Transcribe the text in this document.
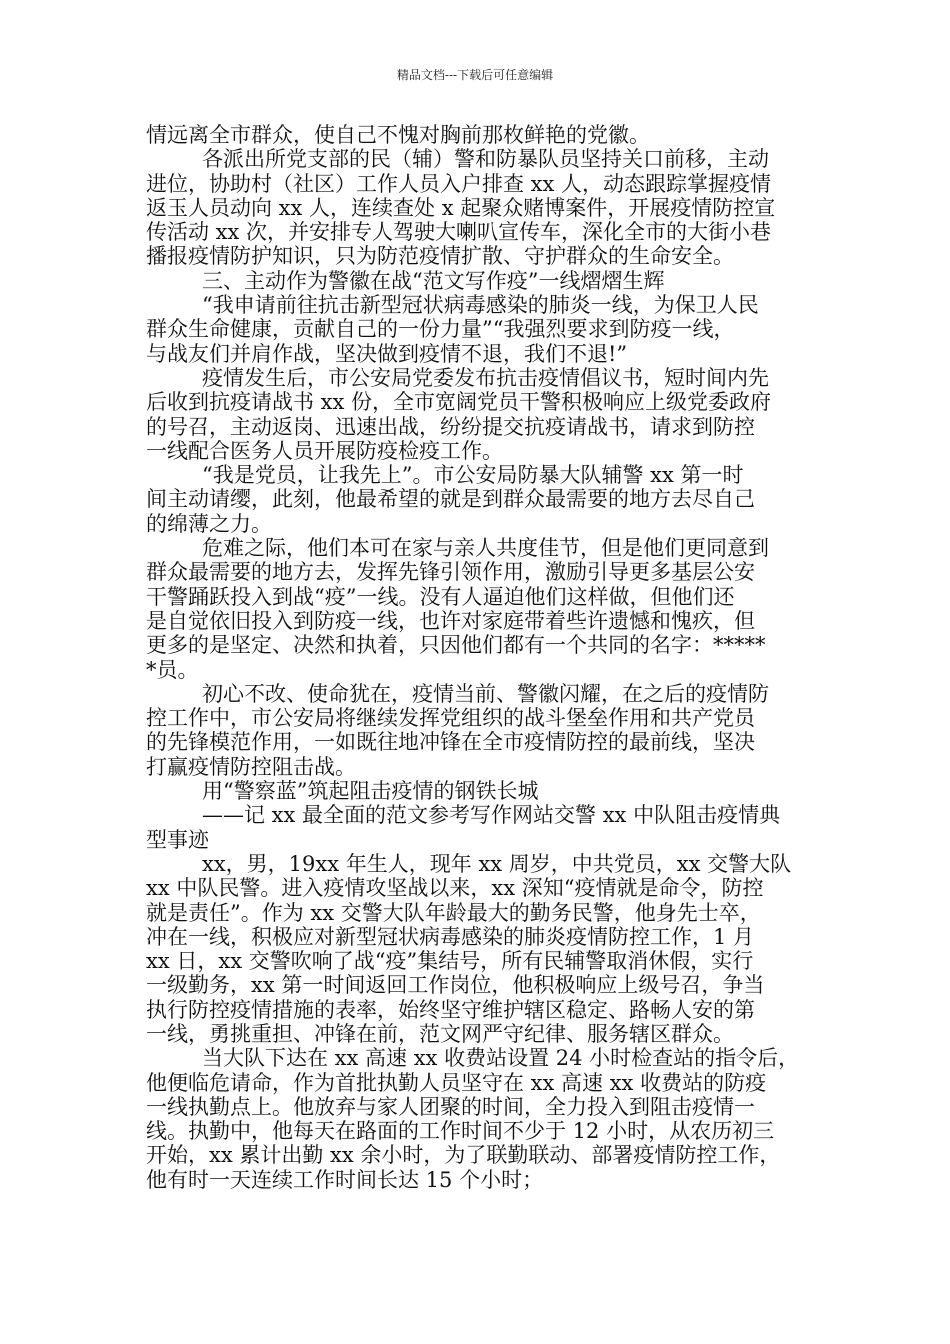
精品文档---下载后可任意编辑
情远离全市群众，使自己不愧对胸前那枚鲜艳的党徽。
各派出所党支部的民（辅）警和防暴队员坚持关口前移，主动
进位，协助村（社区）工作人员入户排查 xx 人，动态跟踪掌握疫情
返玉人员动向 xx 人，连续查处 x 起聚众赌博案件，开展疫情防控宣
传活动 xx 次，并安排专人驾驶大喇叭宣传车，深化全市的大街小巷
播报疫情防护知识，只为防范疫情扩散、守护群众的生命安全。
三、主动作为警徽在战“范文写作疫”一线熠熠生辉
“我申请前往抗击新型冠状病毒感染的肺炎一线，为保卫人民
群众生命健康，贡献自己的一份力量”“我强烈要求到防疫一线，
与战友们并肩作战，坚决做到疫情不退，我们不退!”
疫情发生后，市公安局党委发布抗击疫情倡议书，短时间内先
后收到抗疫请战书 xx 份，全市宽阔党员干警积极响应上级党委政府
的号召，主动返岗、迅速出战，纷纷提交抗疫请战书，请求到防控
一线配合医务人员开展防疫检疫工作。
“我是党员，让我先上”。市公安局防暴大队辅警 xx 第一时
间主动请缨，此刻，他最希望的就是到群众最需要的地方去尽自己
的绵薄之力。
危难之际，他们本可在家与亲人共度佳节，但是他们更同意到
群众最需要的地方去，发挥先锋引领作用，激励引导更多基层公安
干警踊跃投入到战“疫”一线。没有人逼迫他们这样做，但他们还
是自觉依旧投入到防疫一线，也许对家庭带着些许遗憾和愧疚，但
更多的是坚定、决然和执着，只因他们都有一个共同的名字：*****
*员。
初心不改、使命犹在，疫情当前、警徽闪耀，在之后的疫情防
控工作中，市公安局将继续发挥党组织的战斗堡垒作用和共产党员
的先锋模范作用，一如既往地冲锋在全市疫情防控的最前线，坚决
打赢疫情防控阻击战。
用“警察蓝”筑起阻击疫情的钢铁长城
——记 xx 最全面的范文参考写作网站交警 xx 中队阻击疫情典
型事迹
xx，男，19xx 年生人，现年 xx 周岁，中共党员，xx 交警大队
xx 中队民警。进入疫情攻坚战以来，xx 深知“疫情就是命令，防控
就是责任”。作为 xx 交警大队年龄最大的勤务民警，他身先士卒，
冲在一线，积极应对新型冠状病毒感染的肺炎疫情防控工作，1 月
xx 日，xx 交警吹响了战“疫”集结号，所有民辅警取消休假，实行
一级勤务，xx 第一时间返回工作岗位，他积极响应上级号召，争当
执行防控疫情措施的表率，始终坚守维护辖区稳定、路畅人安的第
一线，勇挑重担、冲锋在前，范文网严守纪律、服务辖区群众。
当大队下达在 xx 高速 xx 收费站设置 24 小时检查站的指令后，
他便临危请命，作为首批执勤人员坚守在 xx 高速 xx 收费站的防疫
一线执勤点上。他放弃与家人团聚的时间，全力投入到阻击疫情一
线。执勤中，他每天在路面的工作时间不少于 12 小时，从农历初三
开始，xx 累计出勤 xx 余小时，为了联勤联动、部署疫情防控工作，
他有时一天连续工作时间长达 15 个小时；
